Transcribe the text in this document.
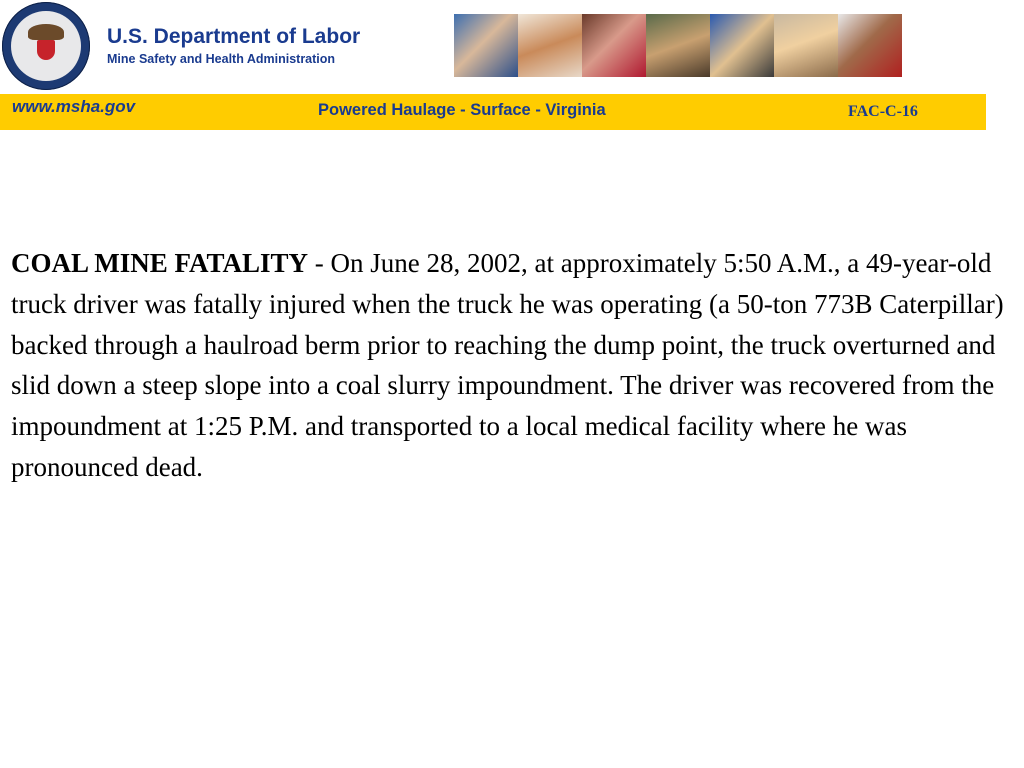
U.S. Department of Labor
Mine Safety and Health Administration
www.msha.gov	Powered Haulage - Surface - Virginia	FAC-C-16
COAL MINE FATALITY - On June 28, 2002, at approximately 5:50 A.M., a 49-year-old truck driver was fatally injured when the truck he was operating (a 50-ton 773B Caterpillar) backed through a haulroad berm prior to reaching the dump point, the truck overturned and slid down a steep slope into a coal slurry impoundment. The driver was recovered from the impoundment at 1:25 P.M. and transported to a local medical facility where he was pronounced dead.
